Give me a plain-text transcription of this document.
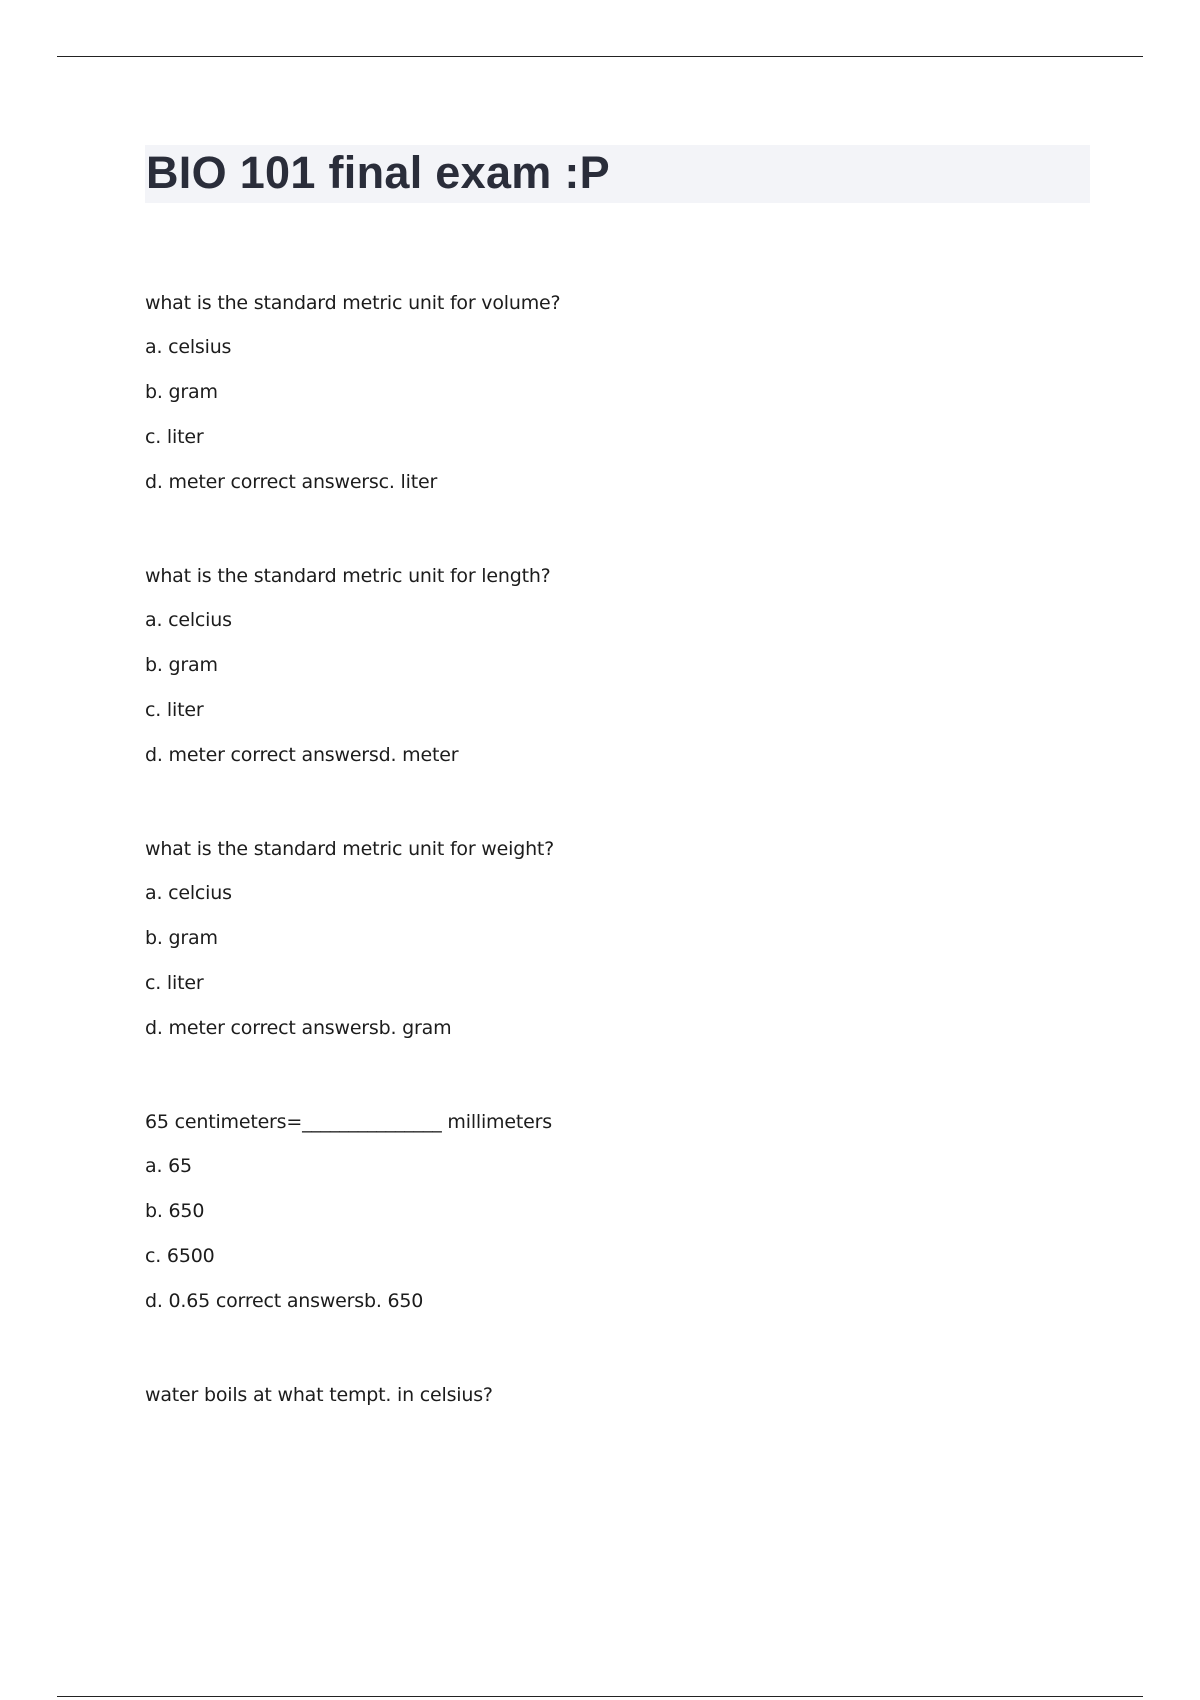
BIO 101 final exam :P
what is the standard metric unit for volume?
a. celsius
b. gram
c. liter
d. meter correct answersc. liter
what is the standard metric unit for length?
a. celcius
b. gram
c. liter
d. meter correct answersd. meter
what is the standard metric unit for weight?
a. celcius
b. gram
c. liter
d. meter correct answersb. gram
65 centimeters=_______________ millimeters
a. 65
b. 650
c. 6500
d. 0.65 correct answersb. 650
water boils at what tempt. in celsius?
